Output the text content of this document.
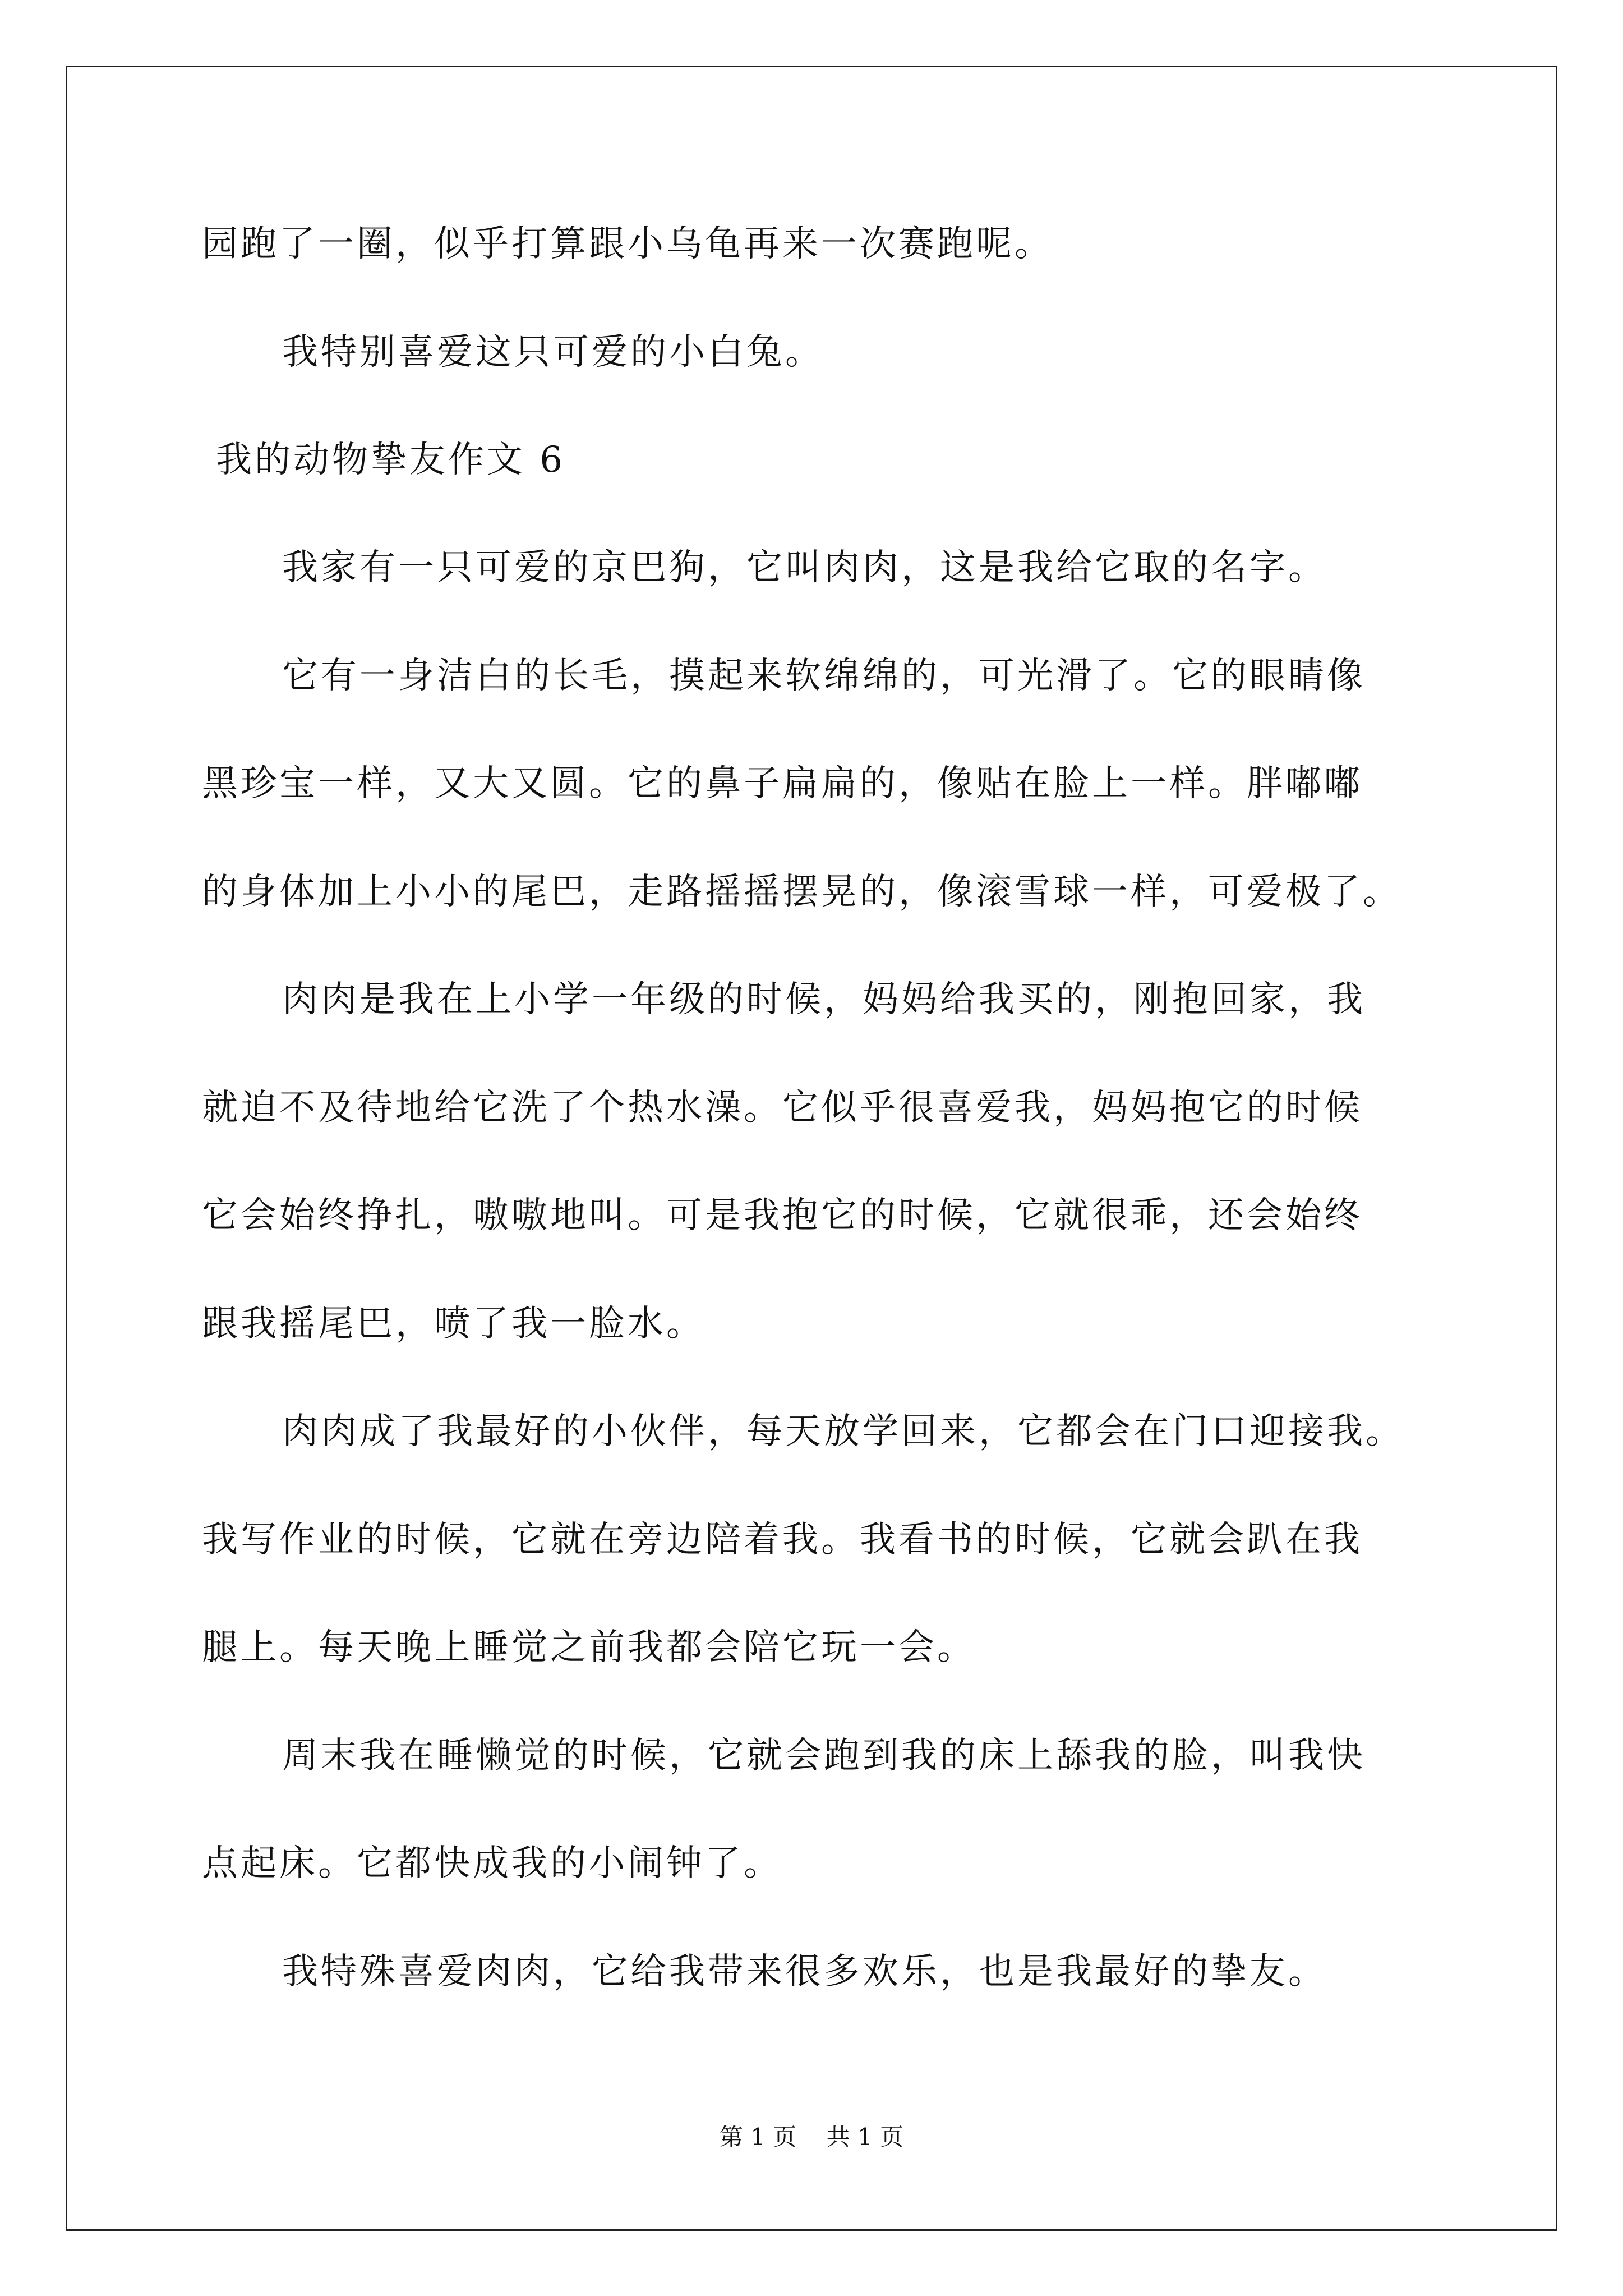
园跑了一圈，似乎打算跟小乌龟再来一次赛跑呢。
我特别喜爱这只可爱的小白兔。
我的动物挚友作文 6
我家有一只可爱的京巴狗，它叫肉肉，这是我给它取的名字。
它有一身洁白的长毛，摸起来软绵绵的，可光滑了。它的眼睛像
黑珍宝一样，又大又圆。它的鼻子扁扁的，像贴在脸上一样。胖嘟嘟
的身体加上小小的尾巴，走路摇摇摆晃的，像滚雪球一样，可爱极了。
肉肉是我在上小学一年级的时候，妈妈给我买的，刚抱回家，我
就迫不及待地给它洗了个热水澡。它似乎很喜爱我，妈妈抱它的时候
它会始终挣扎，嗷嗷地叫。可是我抱它的时候，它就很乖，还会始终
跟我摇尾巴，喷了我一脸水。
肉肉成了我最好的小伙伴，每天放学回来，它都会在门口迎接我。
我写作业的时候，它就在旁边陪着我。我看书的时候，它就会趴在我
腿上。每天晚上睡觉之前我都会陪它玩一会。
周末我在睡懒觉的时候，它就会跑到我的床上舔我的脸，叫我快
点起床。它都快成我的小闹钟了。
我特殊喜爱肉肉，它给我带来很多欢乐，也是我最好的挚友。
第 1 页    共 1 页
